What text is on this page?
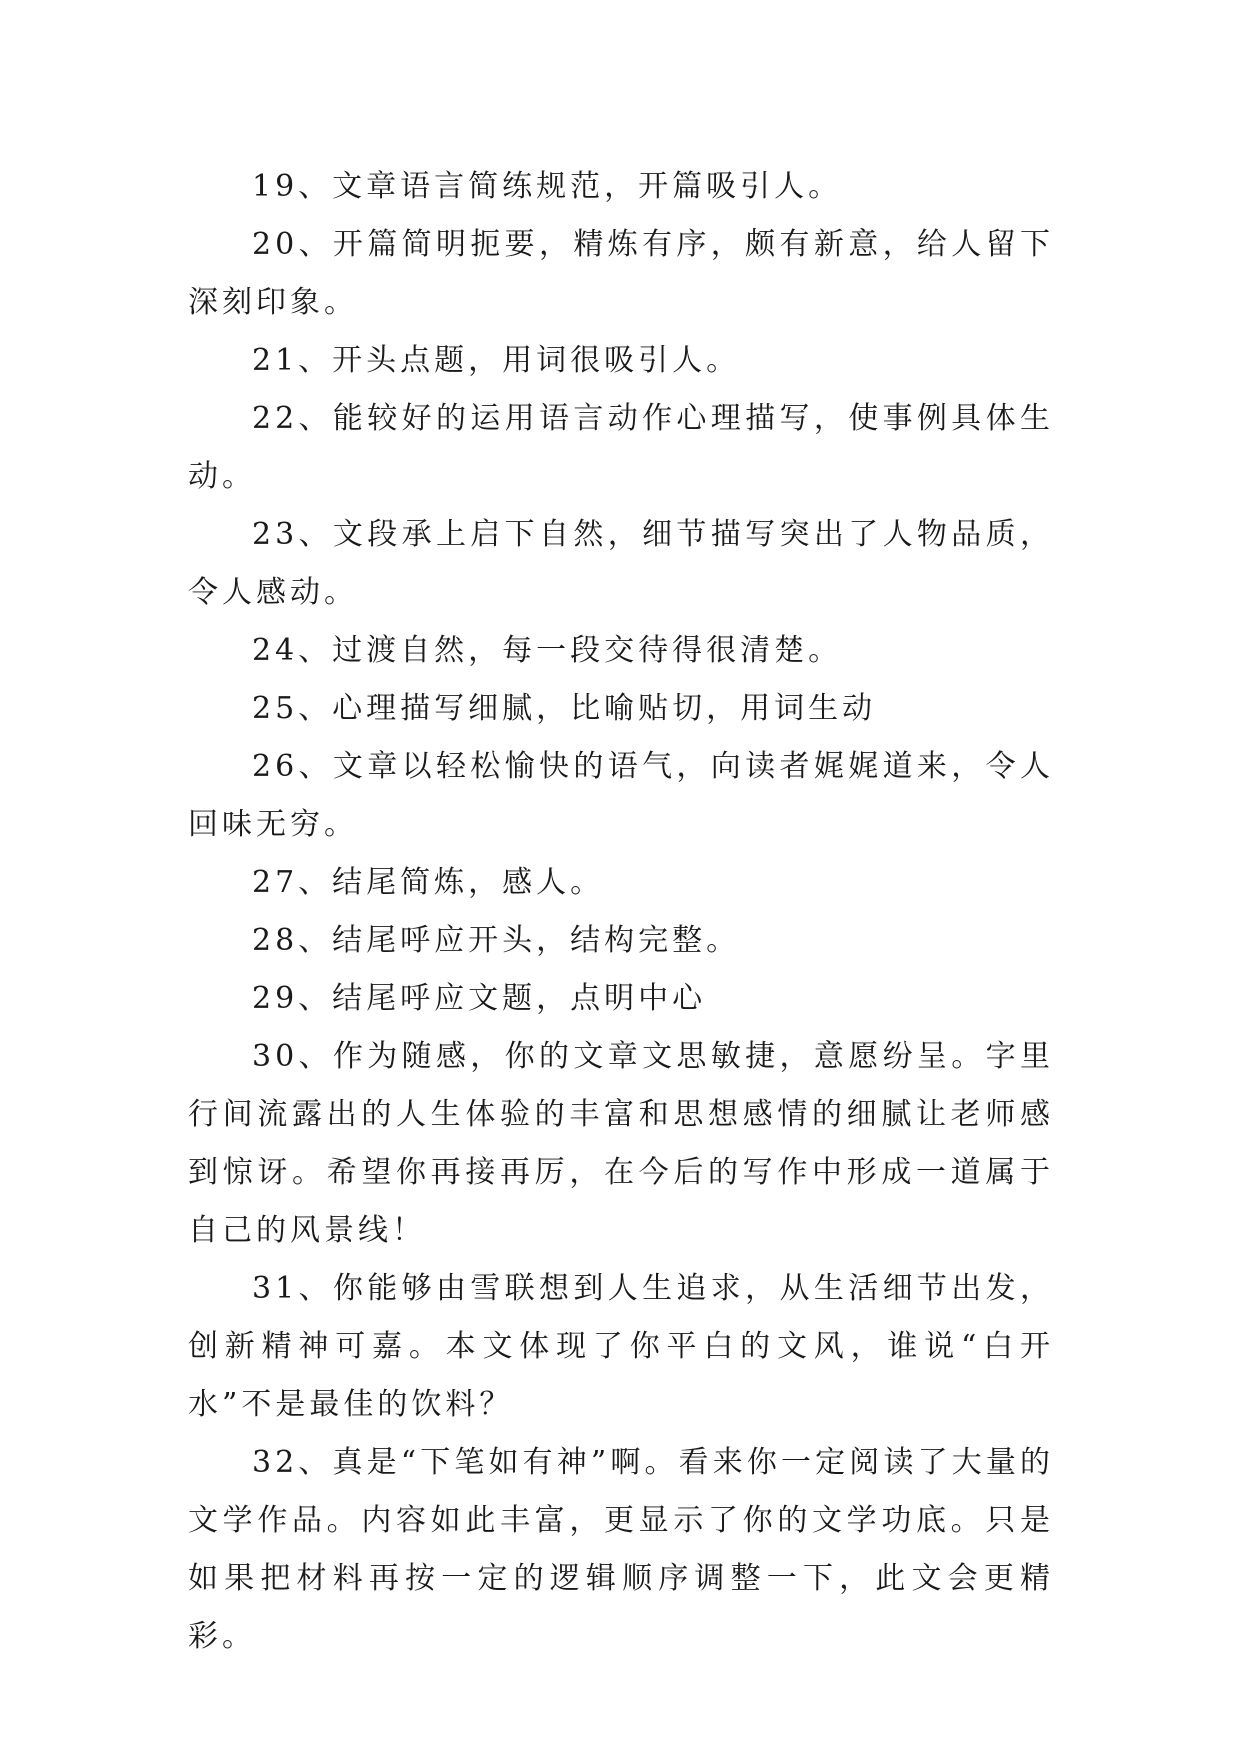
19、文章语言简练规范，开篇吸引人。

20、开篇简明扼要，精炼有序，颇有新意，给人留下深刻印象。

21、开头点题，用词很吸引人。

22、能较好的运用语言动作心理描写，使事例具体生动。

23、文段承上启下自然，细节描写突出了人物品质，令人感动。

24、过渡自然，每一段交待得很清楚。

25、心理描写细腻，比喻贴切，用词生动

26、文章以轻松愉快的语气，向读者娓娓道来，令人回味无穷。

27、结尾简炼，感人。

28、结尾呼应开头，结构完整。

29、结尾呼应文题，点明中心

30、作为随感，你的文章文思敏捷，意愿纷呈。字里行间流露出的人生体验的丰富和思想感情的细腻让老师感到惊讶。希望你再接再厉，在今后的写作中形成一道属于自己的风景线！

31、你能够由雪联想到人生追求，从生活细节出发，创新精神可嘉。本文体现了你平白的文风，谁说“白开水”不是最佳的饮料？

32、真是“下笔如有神”啊。看来你一定阅读了大量的文学作品。内容如此丰富，更显示了你的文学功底。只是如果把材料再按一定的逻辑顺序调整一下，此文会更精彩。
